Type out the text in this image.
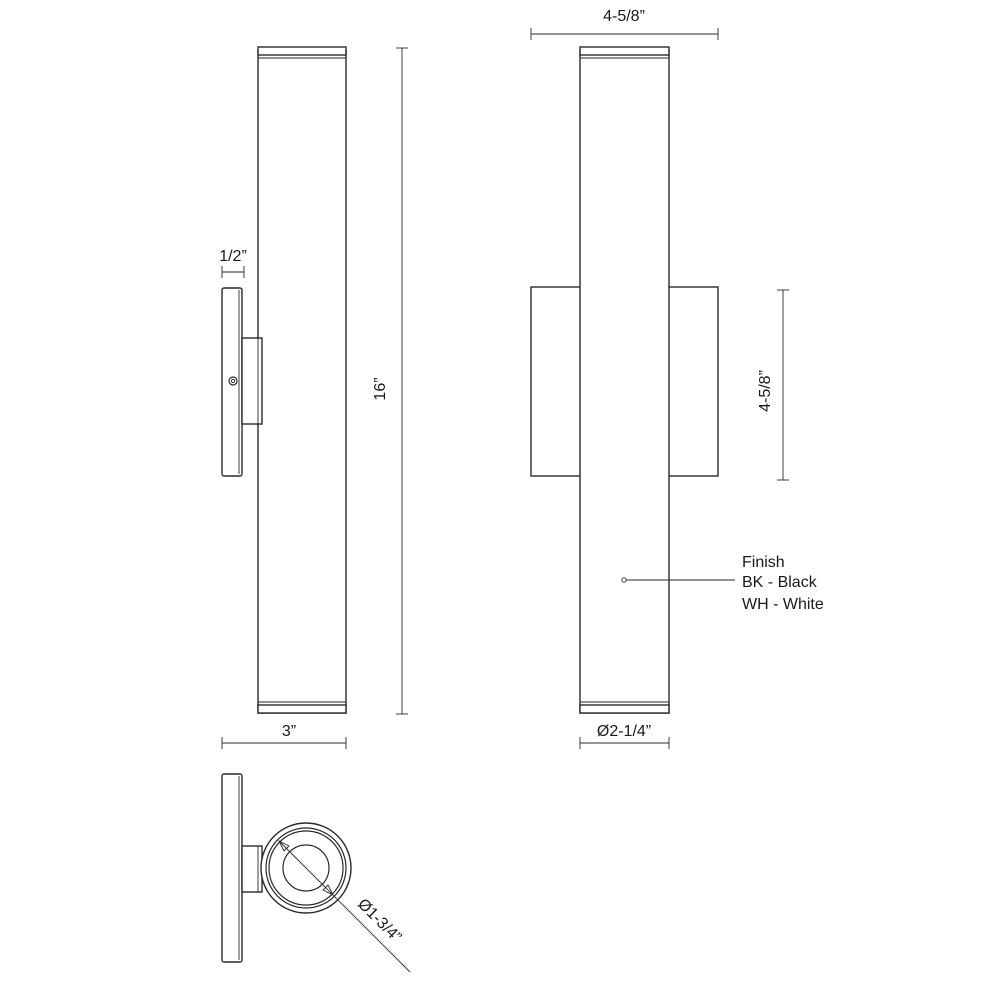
1/2”
16”
3”
4-5/8”
4-5/8”
Ø2-1/4”
Finish
BK - Black
WH - White
Ø1-3/4”
